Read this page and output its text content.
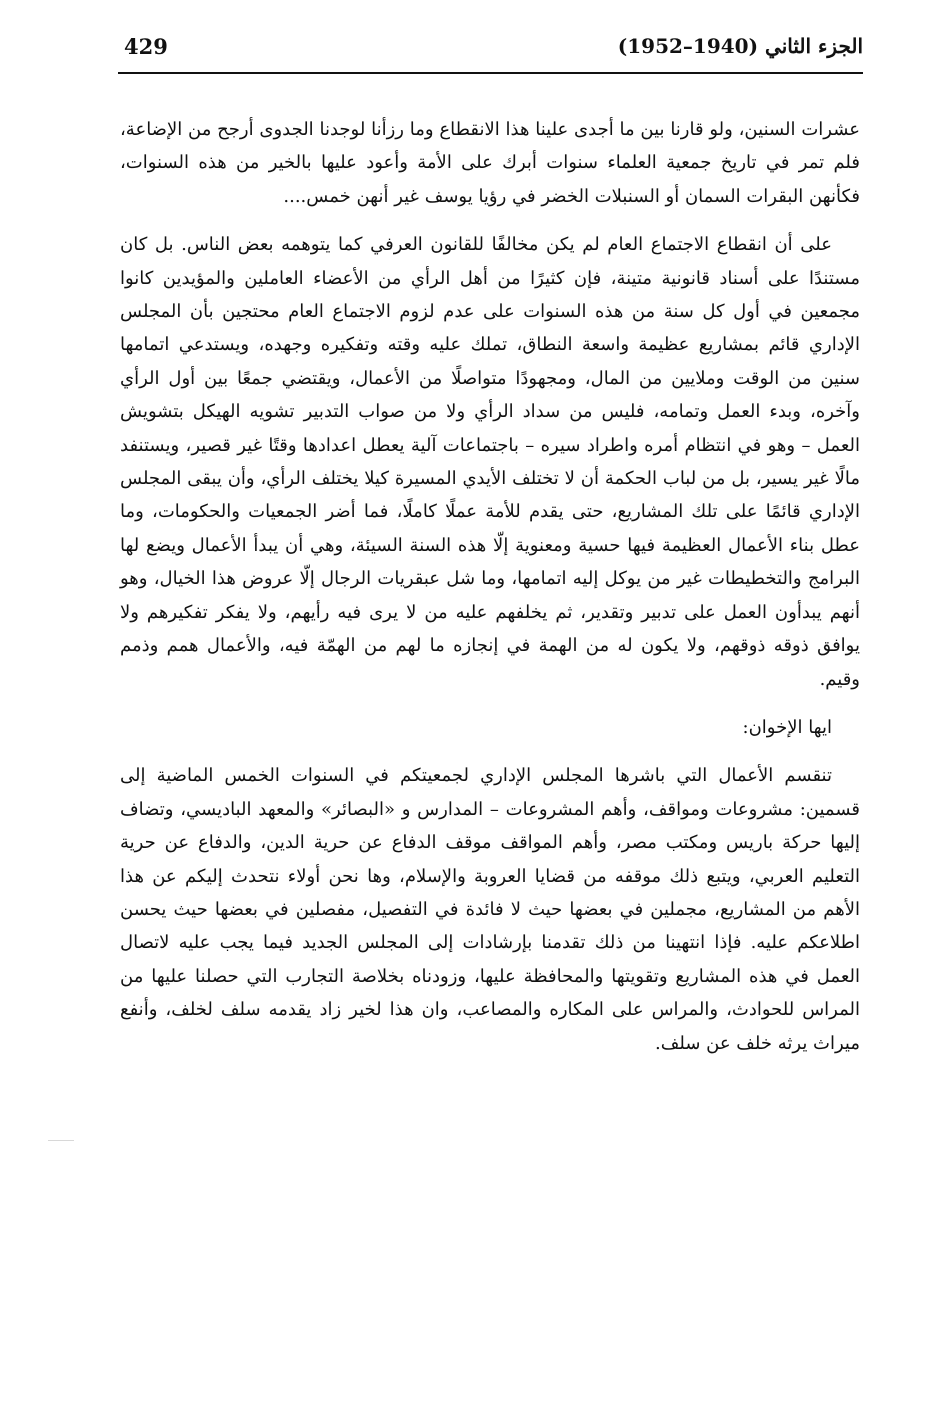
429	الجزء الثاني (1940–1952)

عشرات السنين، ولو قارنا بين ما أجدى علينا هذا الانقطاع وما رزأنا لوجدنا الجدوى أرجح من الإضاعة، فلم تمر في تاريخ جمعية العلماء سنوات أبرك على الأمة وأعود عليها بالخير من هذه السنوات، فكأنهن البقرات السمان أو السنبلات الخضر في رؤيا يوسف غير أنهن خمس....

على أن انقطاع الاجتماع العام لم يكن مخالفًا للقانون العرفي كما يتوهمه بعض الناس. بل كان مستندًا على أسناد قانونية متينة، فإن كثيرًا من أهل الرأي من الأعضاء العاملين والمؤيدين كانوا مجمعين في أول كل سنة من هذه السنوات على عدم لزوم الاجتماع العام محتجين بأن المجلس الإداري قائم بمشاريع عظيمة واسعة النطاق، تملك عليه وقته وتفكيره وجهده، ويستدعي اتمامها سنين من الوقت وملايين من المال، ومجهودًا متواصلًا من الأعمال، ويقتضي جمعًا بين أول الرأي وآخره، وبدء العمل وتمامه، فليس من سداد الرأي ولا من صواب التدبير تشويه الهيكل بتشويش العمل – وهو في انتظام أمره واطراد سيره – باجتماعات آلية يعطل اعدادها وقتًا غير قصير، ويستنفد مالًا غير يسير، بل من لباب الحكمة أن لا تختلف الأيدي المسيرة كيلا يختلف الرأي، وأن يبقى المجلس الإداري قائمًا على تلك المشاريع، حتى يقدم للأمة عملًا كاملًا، فما أضر الجمعيات والحكومات، وما عطل بناء الأعمال العظيمة فيها حسية ومعنوية إلّا هذه السنة السيئة، وهي أن يبدأ الأعمال ويضع لها البرامج والتخطيطات غير من يوكل إليه اتمامها، وما شل عبقريات الرجال إلّا عروض هذا الخيال، وهو أنهم يبدأون العمل على تدبير وتقدير، ثم يخلفهم عليه من لا يرى فيه رأيهم، ولا يفكر تفكيرهم ولا يوافق ذوقه ذوقهم، ولا يكون له من الهمة في إنجازه ما لهم من الهمّة فيه، والأعمال همم وذمم وقيم.

ايها الإخوان:

تنقسم الأعمال التي باشرها المجلس الإداري لجمعيتكم في السنوات الخمس الماضية إلى قسمين: مشروعات ومواقف، وأهم المشروعات – المدارس و «البصائر» والمعهد الباديسي، وتضاف إليها حركة باريس ومكتب مصر، وأهم المواقف موقف الدفاع عن حرية الدين، والدفاع عن حرية التعليم العربي، ويتبع ذلك موقفه من قضايا العروبة والإسلام، وها نحن أولاء نتحدث إليكم عن هذا الأهم من المشاريع، مجملين في بعضها حيث لا فائدة في التفصيل، مفصلين في بعضها حيث يحسن اطلاعكم عليه. فإذا انتهينا من ذلك تقدمنا بإرشادات إلى المجلس الجديد فيما يجب عليه لاتصال العمل في هذه المشاريع وتقويتها والمحافظة عليها، وزودناه بخلاصة التجارب التي حصلنا عليها من المراس للحوادث، والمراس على المكاره والمصاعب، وان هذا لخير زاد يقدمه سلف لخلف، وأنفع ميراث يرثه خلف عن سلف.
